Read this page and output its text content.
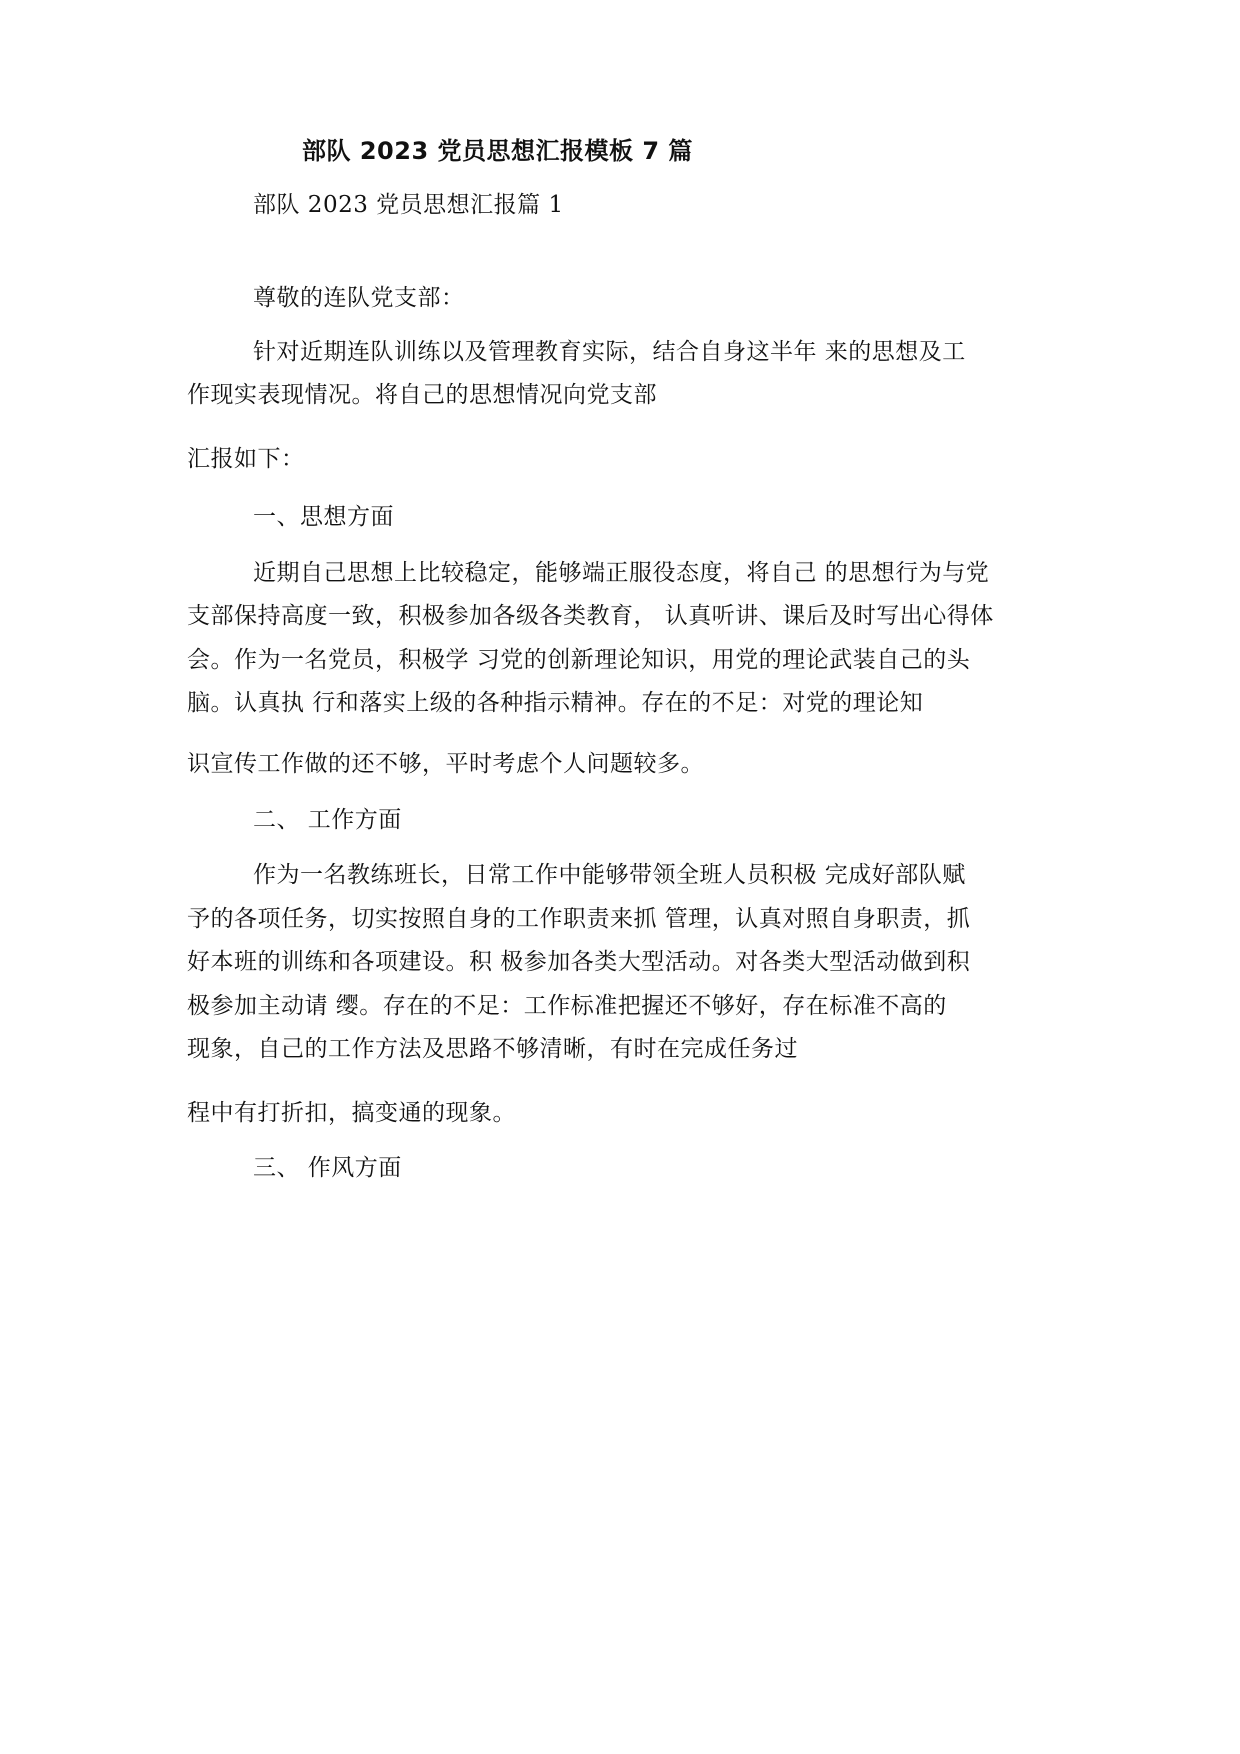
部队 2023 党员思想汇报模板 7 篇
部队 2023 党员思想汇报篇 1
尊敬的连队党支部：
针对近期连队训练以及管理教育实际，结合自身这半年 来的思想及工
作现实表现情况。将自己的思想情况向党支部
汇报如下：
一、思想方面
近期自己思想上比较稳定，能够端正服役态度，将自己 的思想行为与党
支部保持高度一致，积极参加各级各类教育， 认真听讲、课后及时写出心得体
会。作为一名党员，积极学 习党的创新理论知识，用党的理论武装自己的头
脑。认真执 行和落实上级的各种指示精神。存在的不足：对党的理论知
识宣传工作做的还不够，平时考虑个人问题较多。
二、 工作方面
作为一名教练班长，日常工作中能够带领全班人员积极 完成好部队赋
予的各项任务，切实按照自身的工作职责来抓 管理，认真对照自身职责，抓
好本班的训练和各项建设。积 极参加各类大型活动。对各类大型活动做到积
极参加主动请 缨。存在的不足：工作标准把握还不够好，存在标准不高的
现象，自己的工作方法及思路不够清晰，有时在完成任务过
程中有打折扣，搞变通的现象。
三、 作风方面
